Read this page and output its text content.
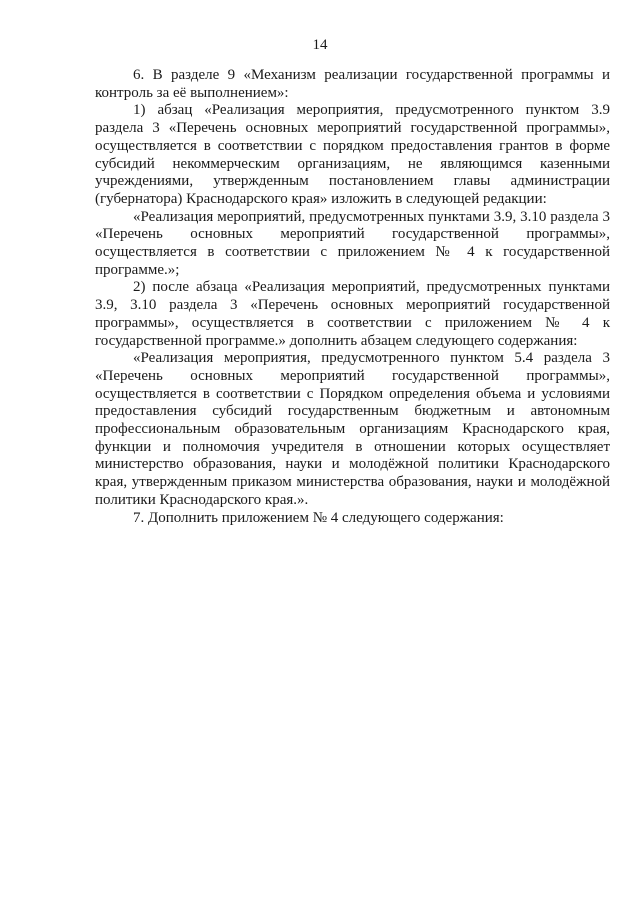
14

6. В разделе 9 «Механизм реализации государственной программы и контроль за её выполнением»:

1) абзац «Реализация мероприятия, предусмотренного пунктом 3.9 раздела 3 «Перечень основных мероприятий государственной программы», осуществляется в соответствии с порядком предоставления грантов в форме субсидий некоммерческим организациям, не являющимся казенными учреждениями, утвержденным постановлением главы администрации (губернатора) Краснодарского края» изложить в следующей редакции:

«Реализация мероприятий, предусмотренных пунктами 3.9, 3.10 раздела 3 «Перечень основных мероприятий государственной программы», осуществляется в соответствии с приложением № 4 к государственной программе.»;

2) после абзаца «Реализация мероприятий, предусмотренных пунктами 3.9, 3.10 раздела 3 «Перечень основных мероприятий государственной программы», осуществляется в соответствии с приложением № 4 к государственной программе.» дополнить абзацем следующего содержания:

«Реализация мероприятия, предусмотренного пунктом 5.4 раздела 3 «Перечень основных мероприятий государственной программы», осуществляется в соответствии с Порядком определения объема и условиями предоставления субсидий государственным бюджетным и автономным профессиональным образовательным организациям Краснодарского края, функции и полномочия учредителя в отношении которых осуществляет министерство образования, науки и молодёжной политики Краснодарского края, утвержденным приказом министерства образования, науки и молодёжной политики Краснодарского края.».

7. Дополнить приложением № 4 следующего содержания:
